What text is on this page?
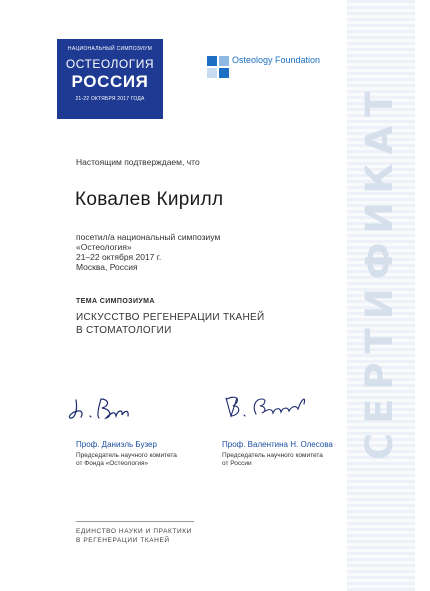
СЕРТИФИКАТ
НАЦИОНАЛЬНЫЙ СИМПОЗИУМ
ОСТЕОЛОГИЯ
РОССИЯ
21-22 ОКТЯБРЯ 2017 ГОДА
Osteology Foundation
Настоящим подтверждаем, что
Ковалев Кирилл
посетил/а национальный симпозиум
«Остеология»
21–22 октября 2017 г.
Москва, Россия
ТЕМА СИМПОЗИУМА
ИСКУССТВО РЕГЕНЕРАЦИИ ТКАНЕЙ
В СТОМАТОЛОГИИ
Проф. Даниэль Бузер
Председатель научного комитета
от Фонда «Остеология»
Проф. Валентина Н. Олесова
Председатель научного комитета
от России
ЕДИНСТВО НАУКИ И ПРАКТИКИ
В РЕГЕНЕРАЦИИ ТКАНЕЙ
